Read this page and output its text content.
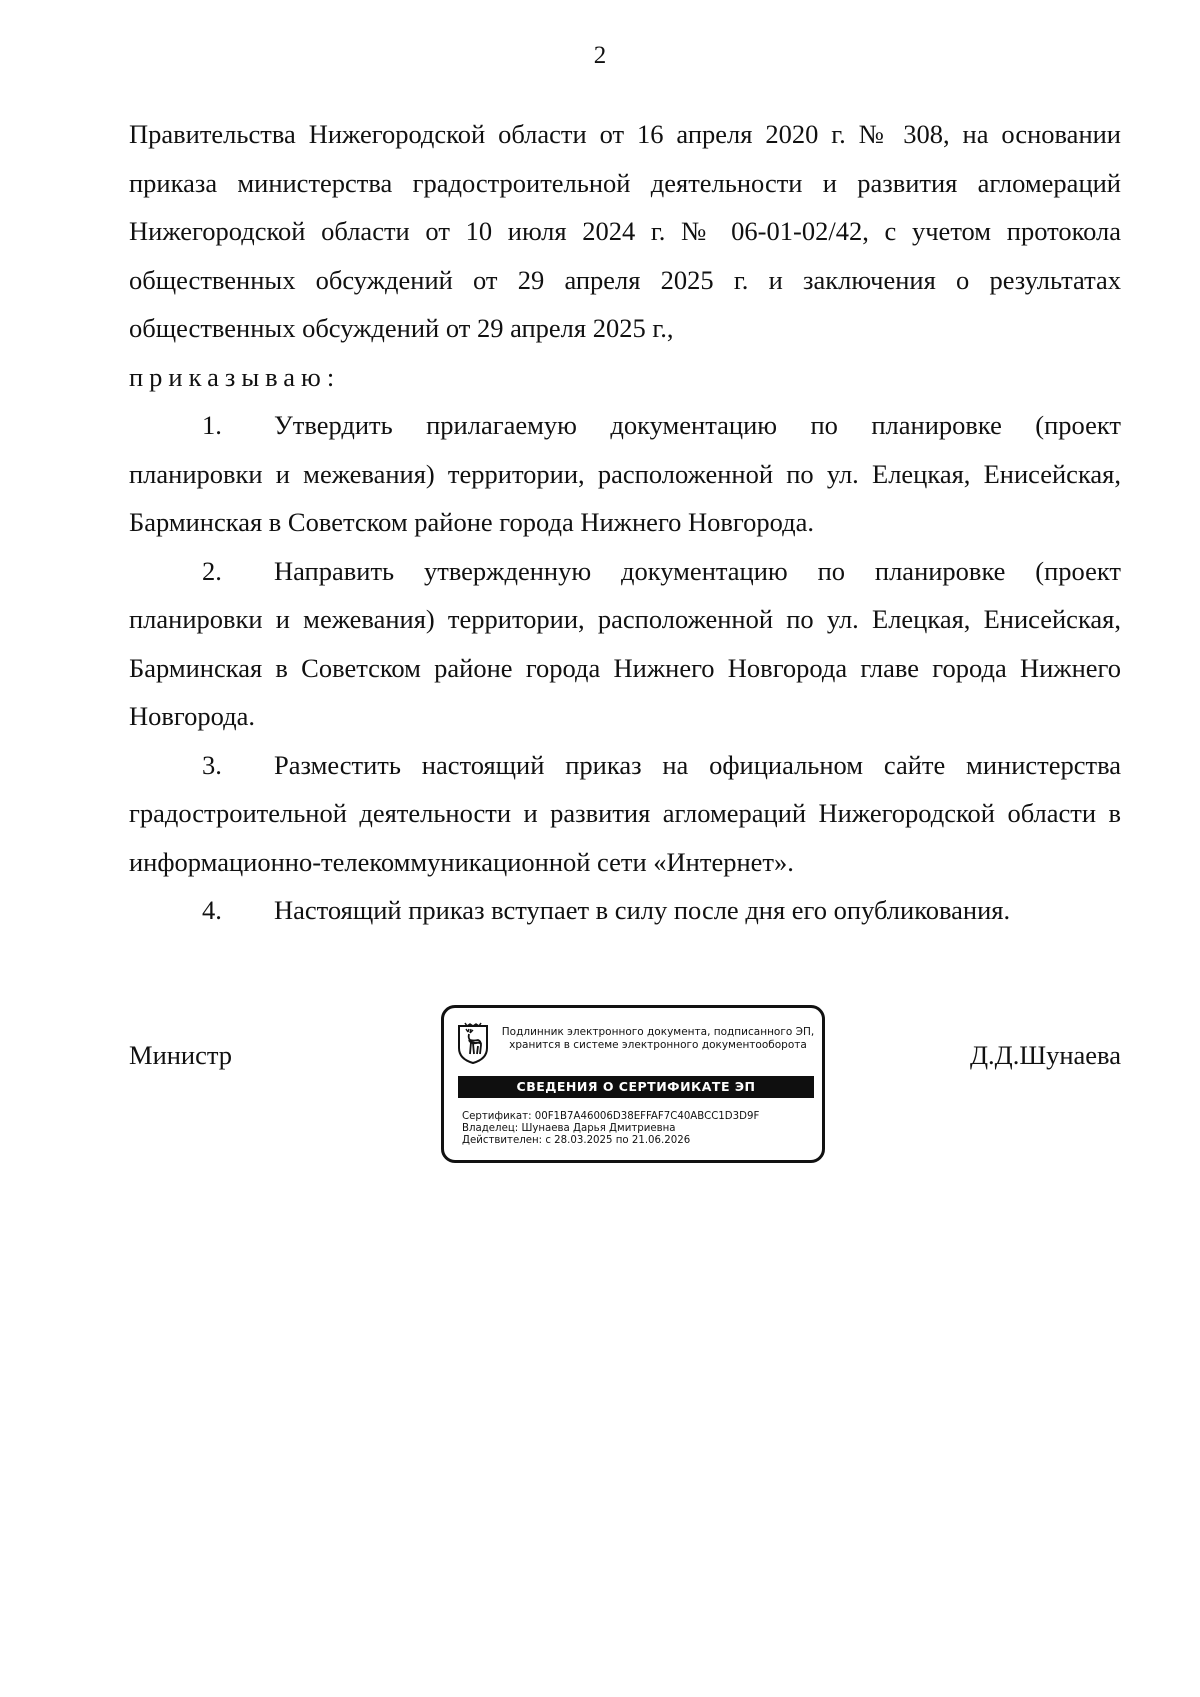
2

Правительства Нижегородской области от 16 апреля 2020 г. № 308, на основании приказа министерства градостроительной деятельности и развития агломераций Нижегородской области от 10 июля 2024 г. № 06-01-02/42, с учетом протокола общественных обсуждений от 29 апреля 2025 г. и заключения о результатах общественных обсуждений от 29 апреля 2025 г.,

приказываю:

1. Утвердить прилагаемую документацию по планировке (проект планировки и межевания) территории, расположенной по ул. Елецкая, Енисейская, Барминская в Советском районе города Нижнего Новгорода.

2. Направить утвержденную документацию по планировке (проект планировки и межевания) территории, расположенной по ул. Елецкая, Енисейская, Барминская в Советском районе города Нижнего Новгорода главе города Нижнего Новгорода.

3. Разместить настоящий приказ на официальном сайте министерства градостроительной деятельности и развития агломераций Нижегородской области в информационно-телекоммуникационной сети «Интернет».

4. Настоящий приказ вступает в силу после дня его опубликования.

Министр	Д.Д.Шунаева
Подлинник электронного документа, подписанного ЭП,
хранится в системе электронного документооборота
СВЕДЕНИЯ О СЕРТИФИКАТЕ ЭП
Сертификат: 00F1B7A46006D38EFFAF7C40ABCC1D3D9F
Владелец: Шунаева Дарья Дмитриевна
Действителен: с 28.03.2025 по 21.06.2026
